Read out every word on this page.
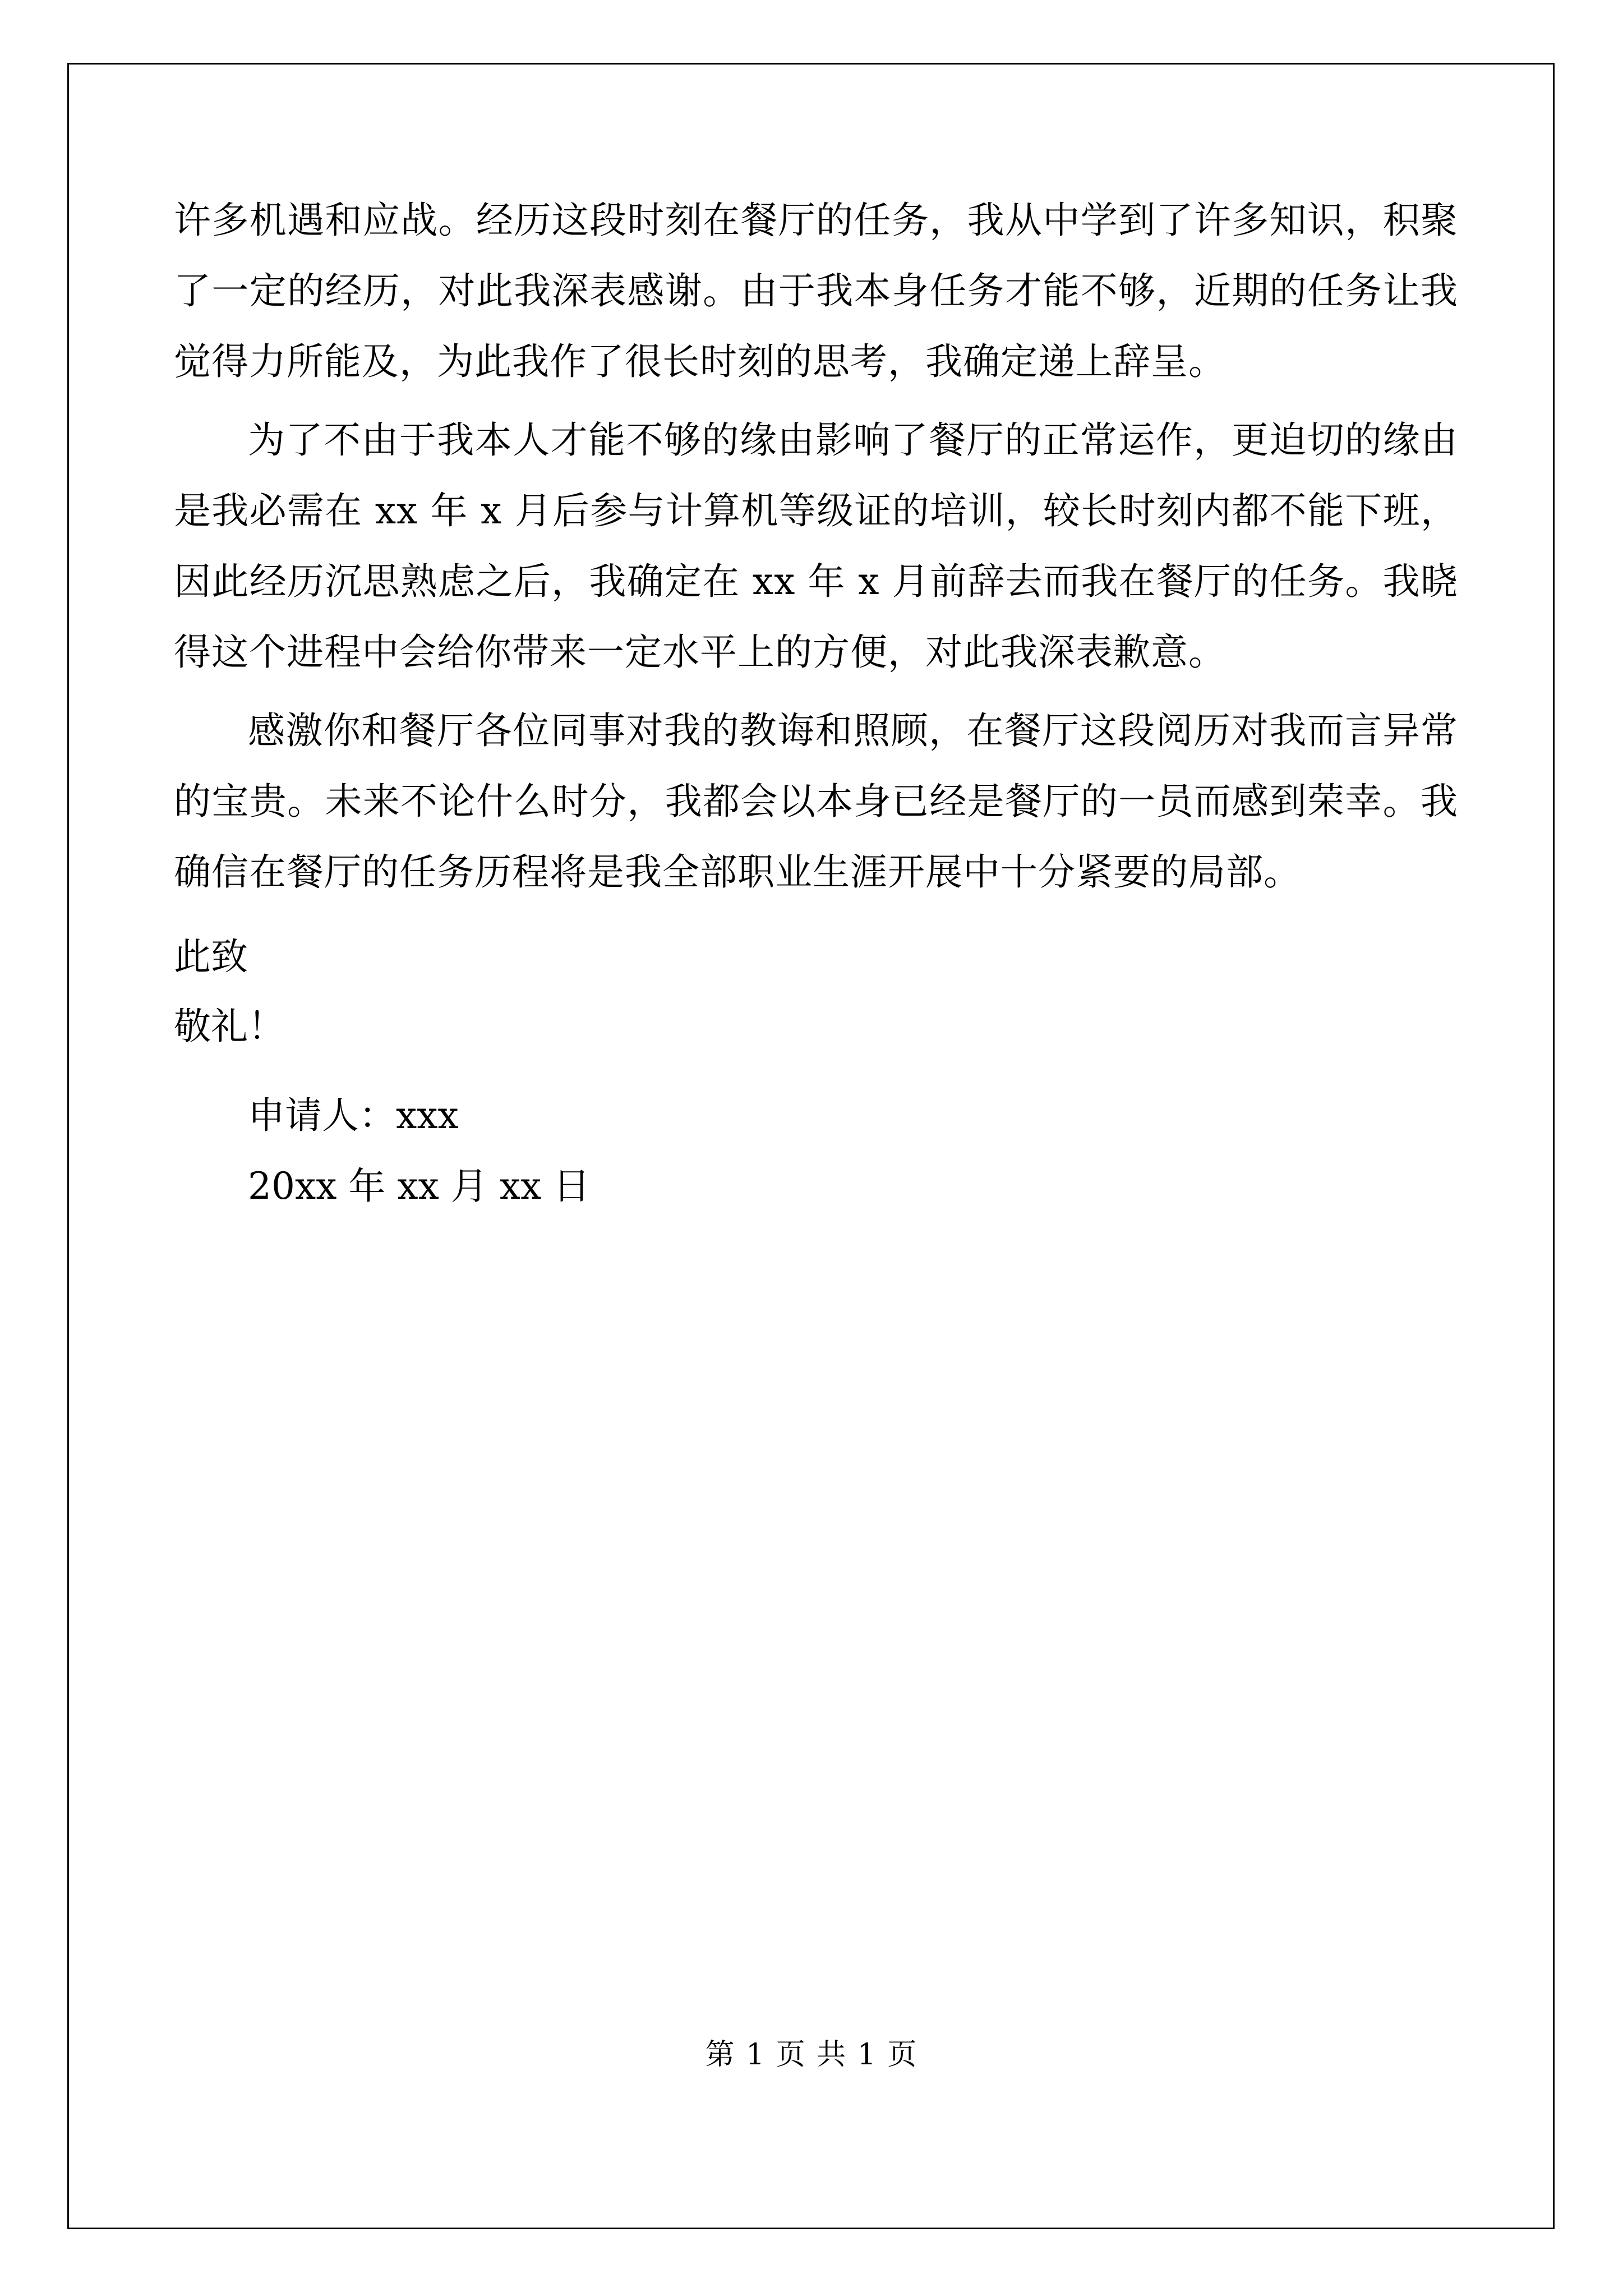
许多机遇和应战。经历这段时刻在餐厅的任务，我从中学到了许多知识，积聚了一定的经历，对此我深表感谢。由于我本身任务才能不够，近期的任务让我觉得力所能及，为此我作了很长时刻的思考，我确定递上辞呈。

为了不由于我本人才能不够的缘由影响了餐厅的正常运作，更迫切的缘由是我必需在 xx 年 x 月后参与计算机等级证的培训，较长时刻内都不能下班，因此经历沉思熟虑之后，我确定在 xx 年 x 月前辞去而我在餐厅的任务。我晓得这个进程中会给你带来一定水平上的方便，对此我深表歉意。

感激你和餐厅各位同事对我的教诲和照顾，在餐厅这段阅历对我而言异常的宝贵。未来不论什么时分，我都会以本身已经是餐厅的一员而感到荣幸。我确信在餐厅的任务历程将是我全部职业生涯开展中十分紧要的局部。

此致

敬礼！

申请人：xxx

20xx 年 xx 月 xx 日

第 1 页 共 1 页
